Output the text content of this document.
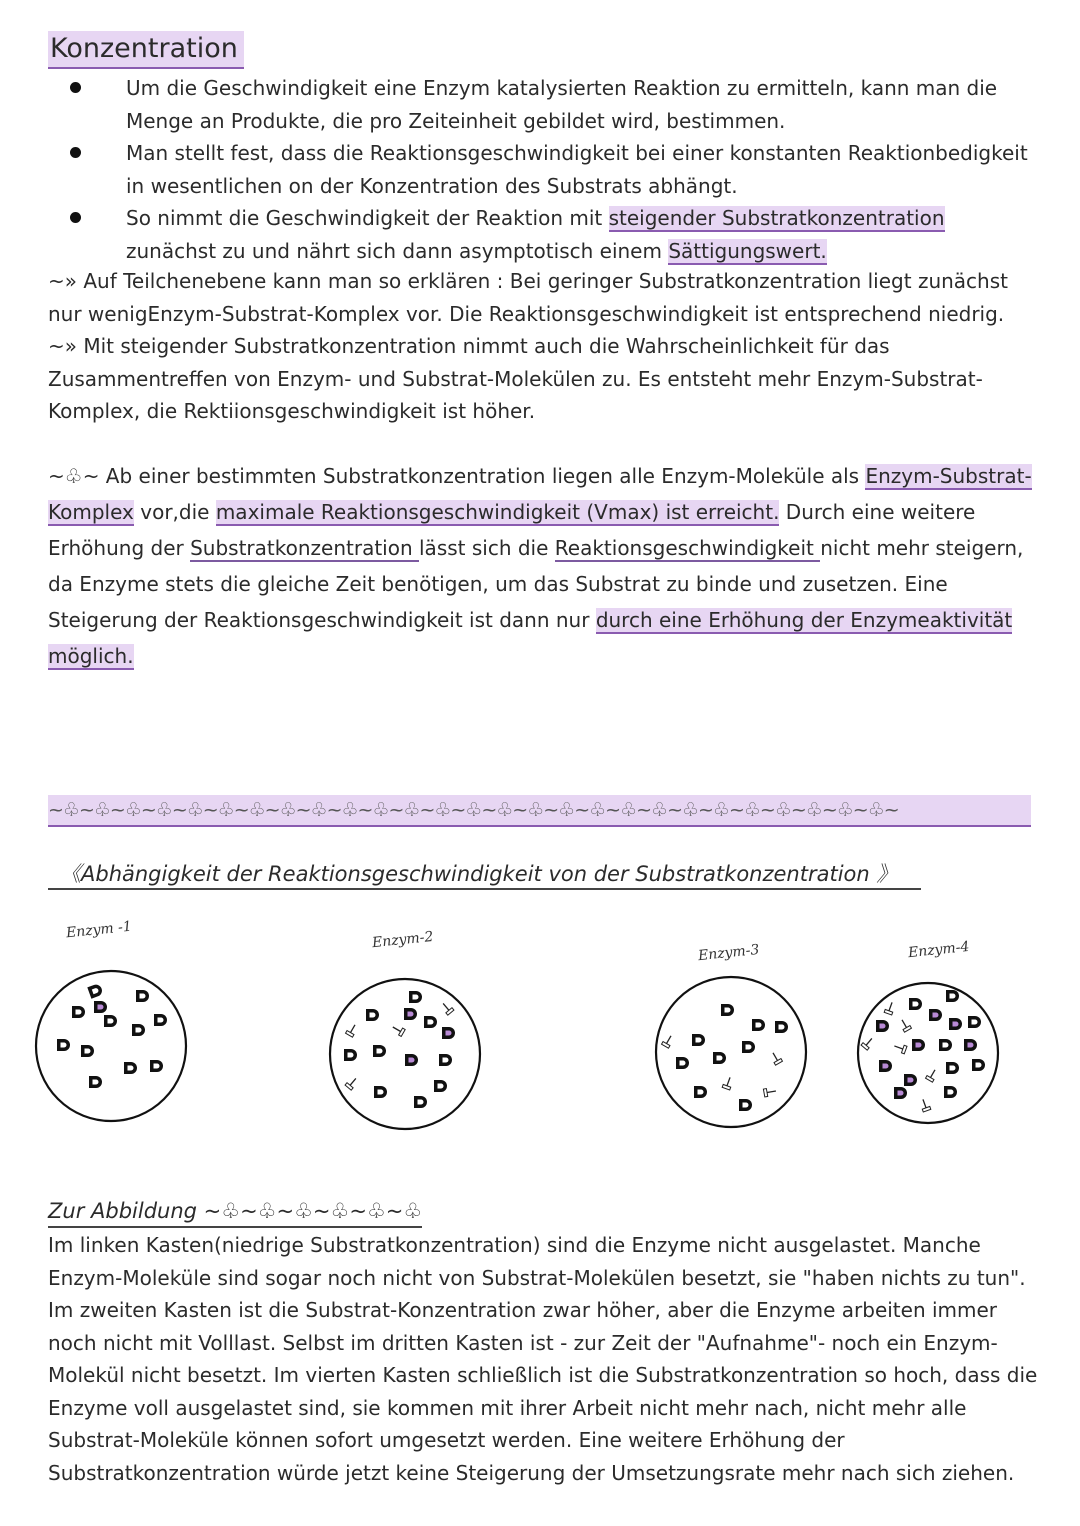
Konzentration
Um die Geschwindigkeit eine Enzym katalysierten Reaktion zu ermitteln, kann man die Menge an Produkte, die pro Zeiteinheit gebildet wird, bestimmen.
Man stellt fest, dass die Reaktionsgeschwindigkeit bei einer konstanten Reaktionbedigkeit in wesentlichen on der Konzentration des Substrats abhängt.
So nimmt die Geschwindigkeit der Reaktion mit steigender Substratkonzentration zunächst zu und nährt sich dann asymptotisch einem Sättigungswert.
~» Auf Teilchenebene kann man so erklären : Bei geringer Substratkonzentration liegt zunächst nur wenigEnzym-Substrat-Komplex vor. Die Reaktionsgeschwindigkeit ist entsprechend niedrig.
~» Mit steigender Substratkonzentration nimmt auch die Wahrscheinlichkeit für das Zusammentreffen von Enzym- und Substrat-Molekülen zu. Es entsteht mehr Enzym-Substrat-Komplex, die Rektiionsgeschwindigkeit ist höher.
~♧~ Ab einer bestimmten Substratkonzentration liegen alle Enzym-Moleküle als Enzym-Substrat-Komplex vor,die maximale Reaktionsgeschwindigkeit (Vmax) ist erreicht. Durch eine weitere Erhöhung der Substratkonzentration lässt sich die Reaktionsgeschwindigkeit nicht mehr steigern, da Enzyme stets die gleiche Zeit benötigen, um das Substrat zu binde und zusetzen. Eine Steigerung der Reaktionsgeschwindigkeit ist dann nur durch eine Erhöhung der Enzymeaktivität möglich.
~♧~♧~♧~♧~♧~♧~♧~♧~♧~♧~♧~♧~♧~♧~♧~♧~♧~♧~♧~♧~♧~♧~♧~♧~♧~♧~♧~
《Abhängigkeit der Reaktionsgeschwindigkeit von der Substratkonzentration 》
Enzym -1	Enzym-2
Enzym-3	Enzym-4
Zur Abbildung ~♧~♧~♧~♧~♧~♧
Im linken Kasten(niedrige Substratkonzentration) sind die Enzyme nicht ausgelastet. Manche Enzym-Moleküle sind sogar noch nicht von Substrat-Molekülen besetzt, sie "haben nichts zu tun". Im zweiten Kasten ist die Substrat-Konzentration zwar höher, aber die Enzyme arbeiten immer noch nicht mit Volllast. Selbst im dritten Kasten ist - zur Zeit der "Aufnahme"- noch ein Enzym-Molekül nicht besetzt. Im vierten Kasten schließlich ist die Substratkonzentration so hoch, dass die Enzyme voll ausgelastet sind, sie kommen mit ihrer Arbeit nicht mehr nach, nicht mehr alle Substrat-Moleküle können sofort umgesetzt werden. Eine weitere Erhöhung der Substratkonzentration würde jetzt keine Steigerung der Umsetzungsrate mehr nach sich ziehen.
